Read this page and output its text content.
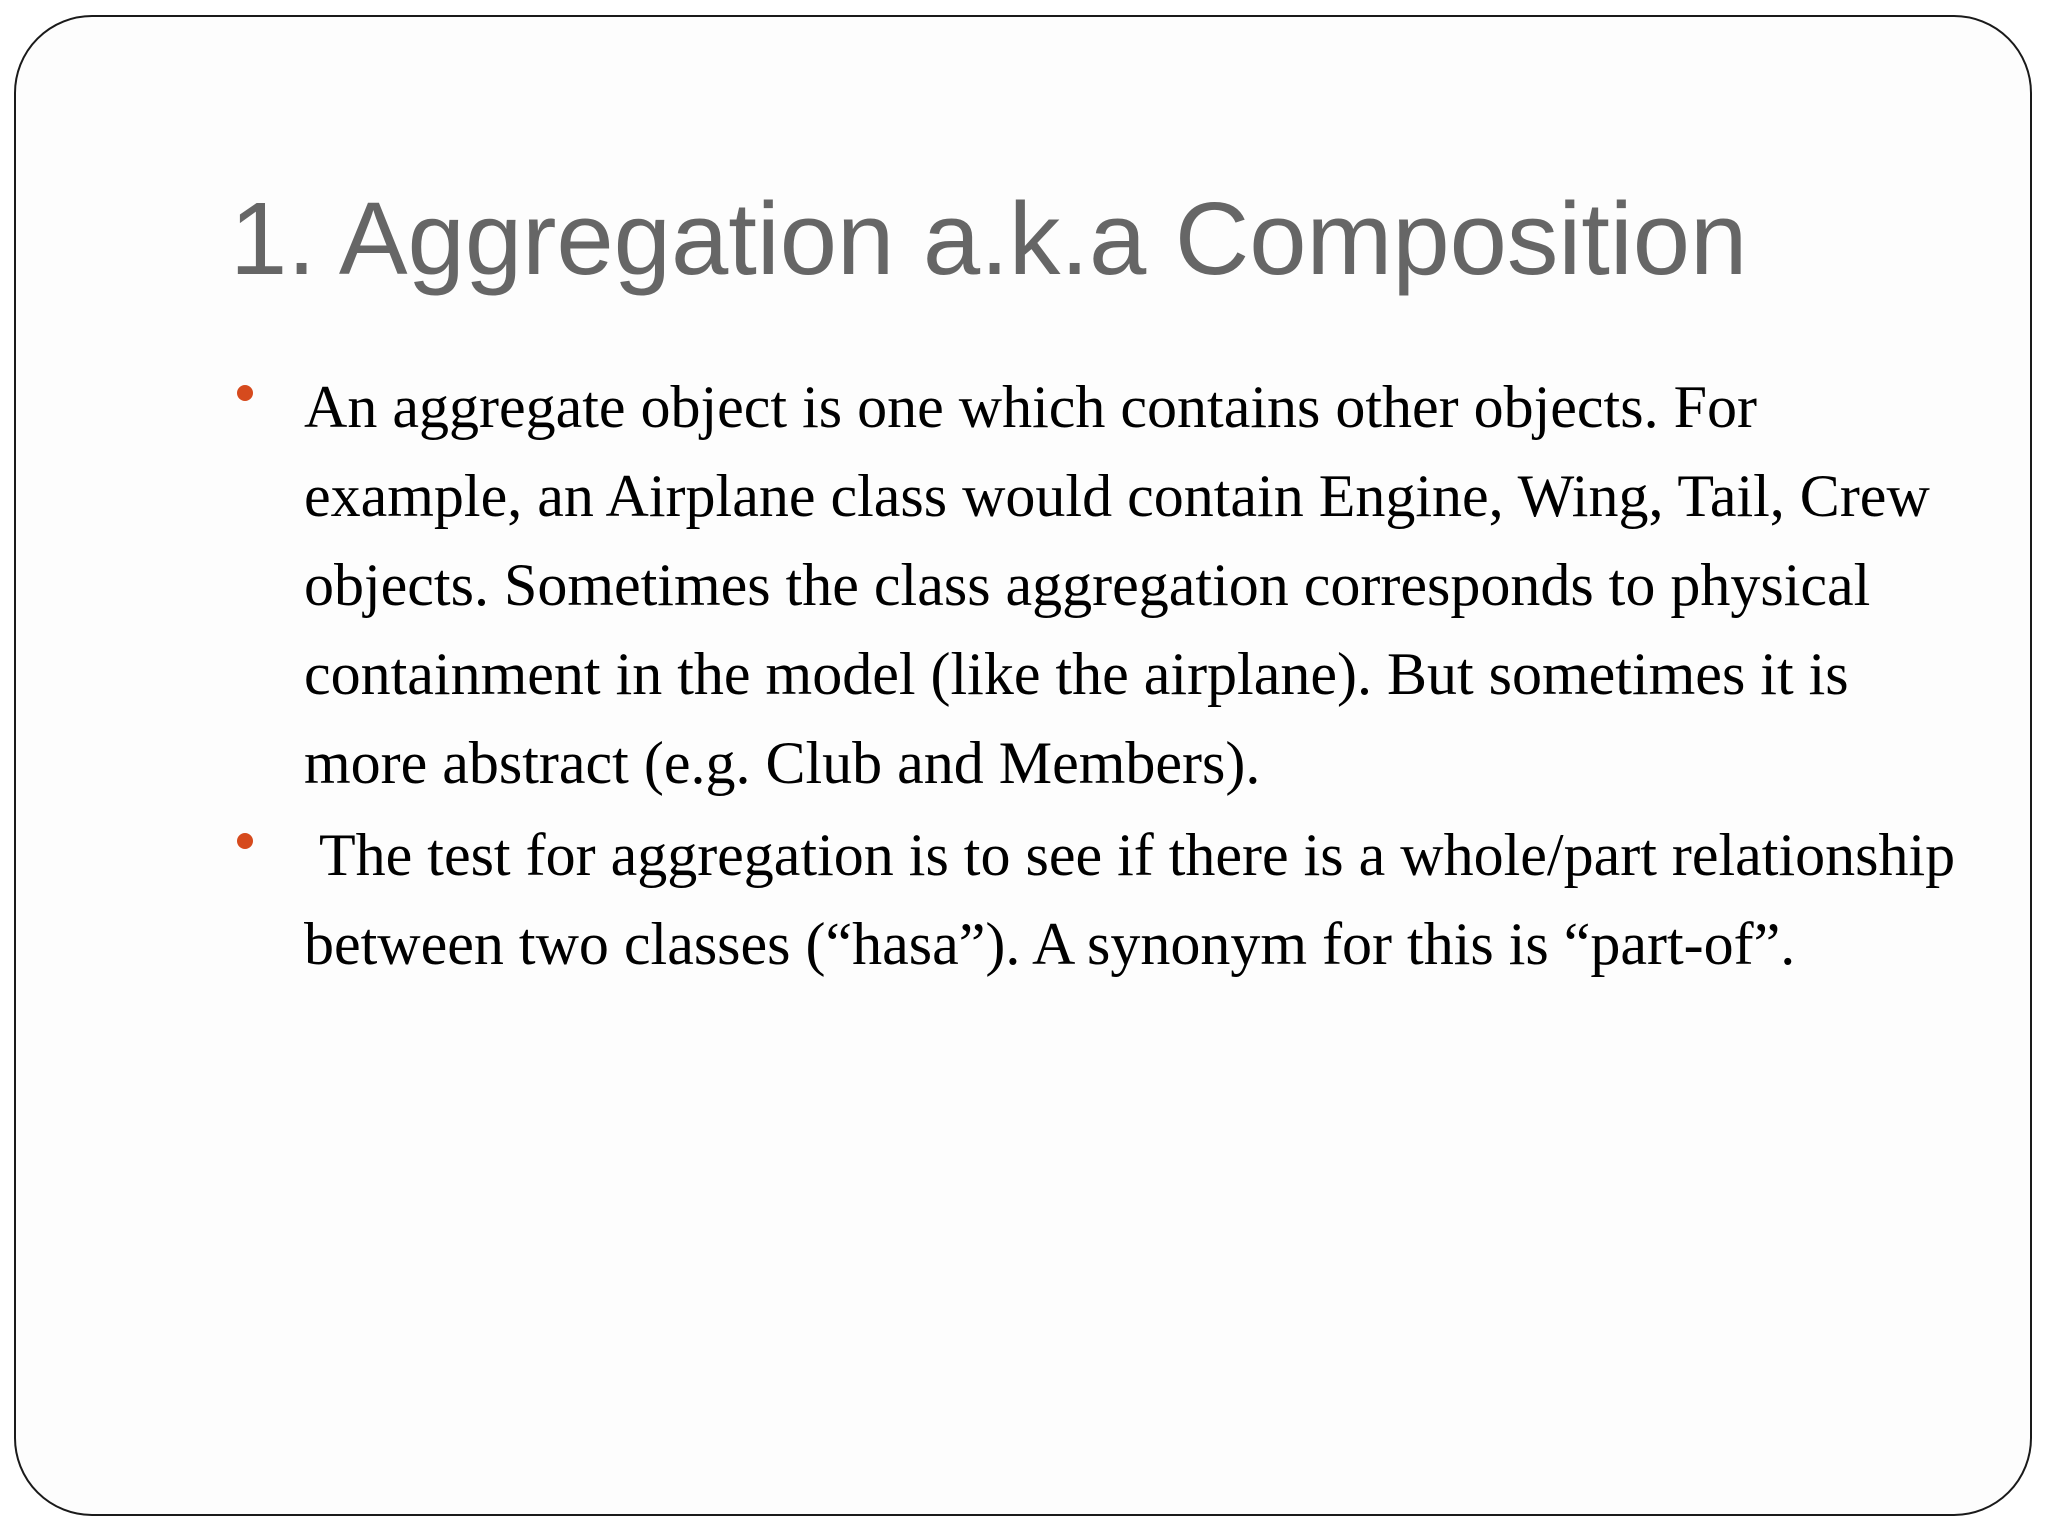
1. Aggregation a.k.a Composition
An aggregate object is one which contains other objects. For example, an Airplane class would contain Engine, Wing, Tail, Crew objects. Sometimes the class aggregation corresponds to physical containment in the model (like the airplane). But sometimes it is more abstract (e.g. Club and Members).
The test for aggregation is to see if there is a whole/part relationship between two classes (“hasa”). A synonym for this is “part-of”.
